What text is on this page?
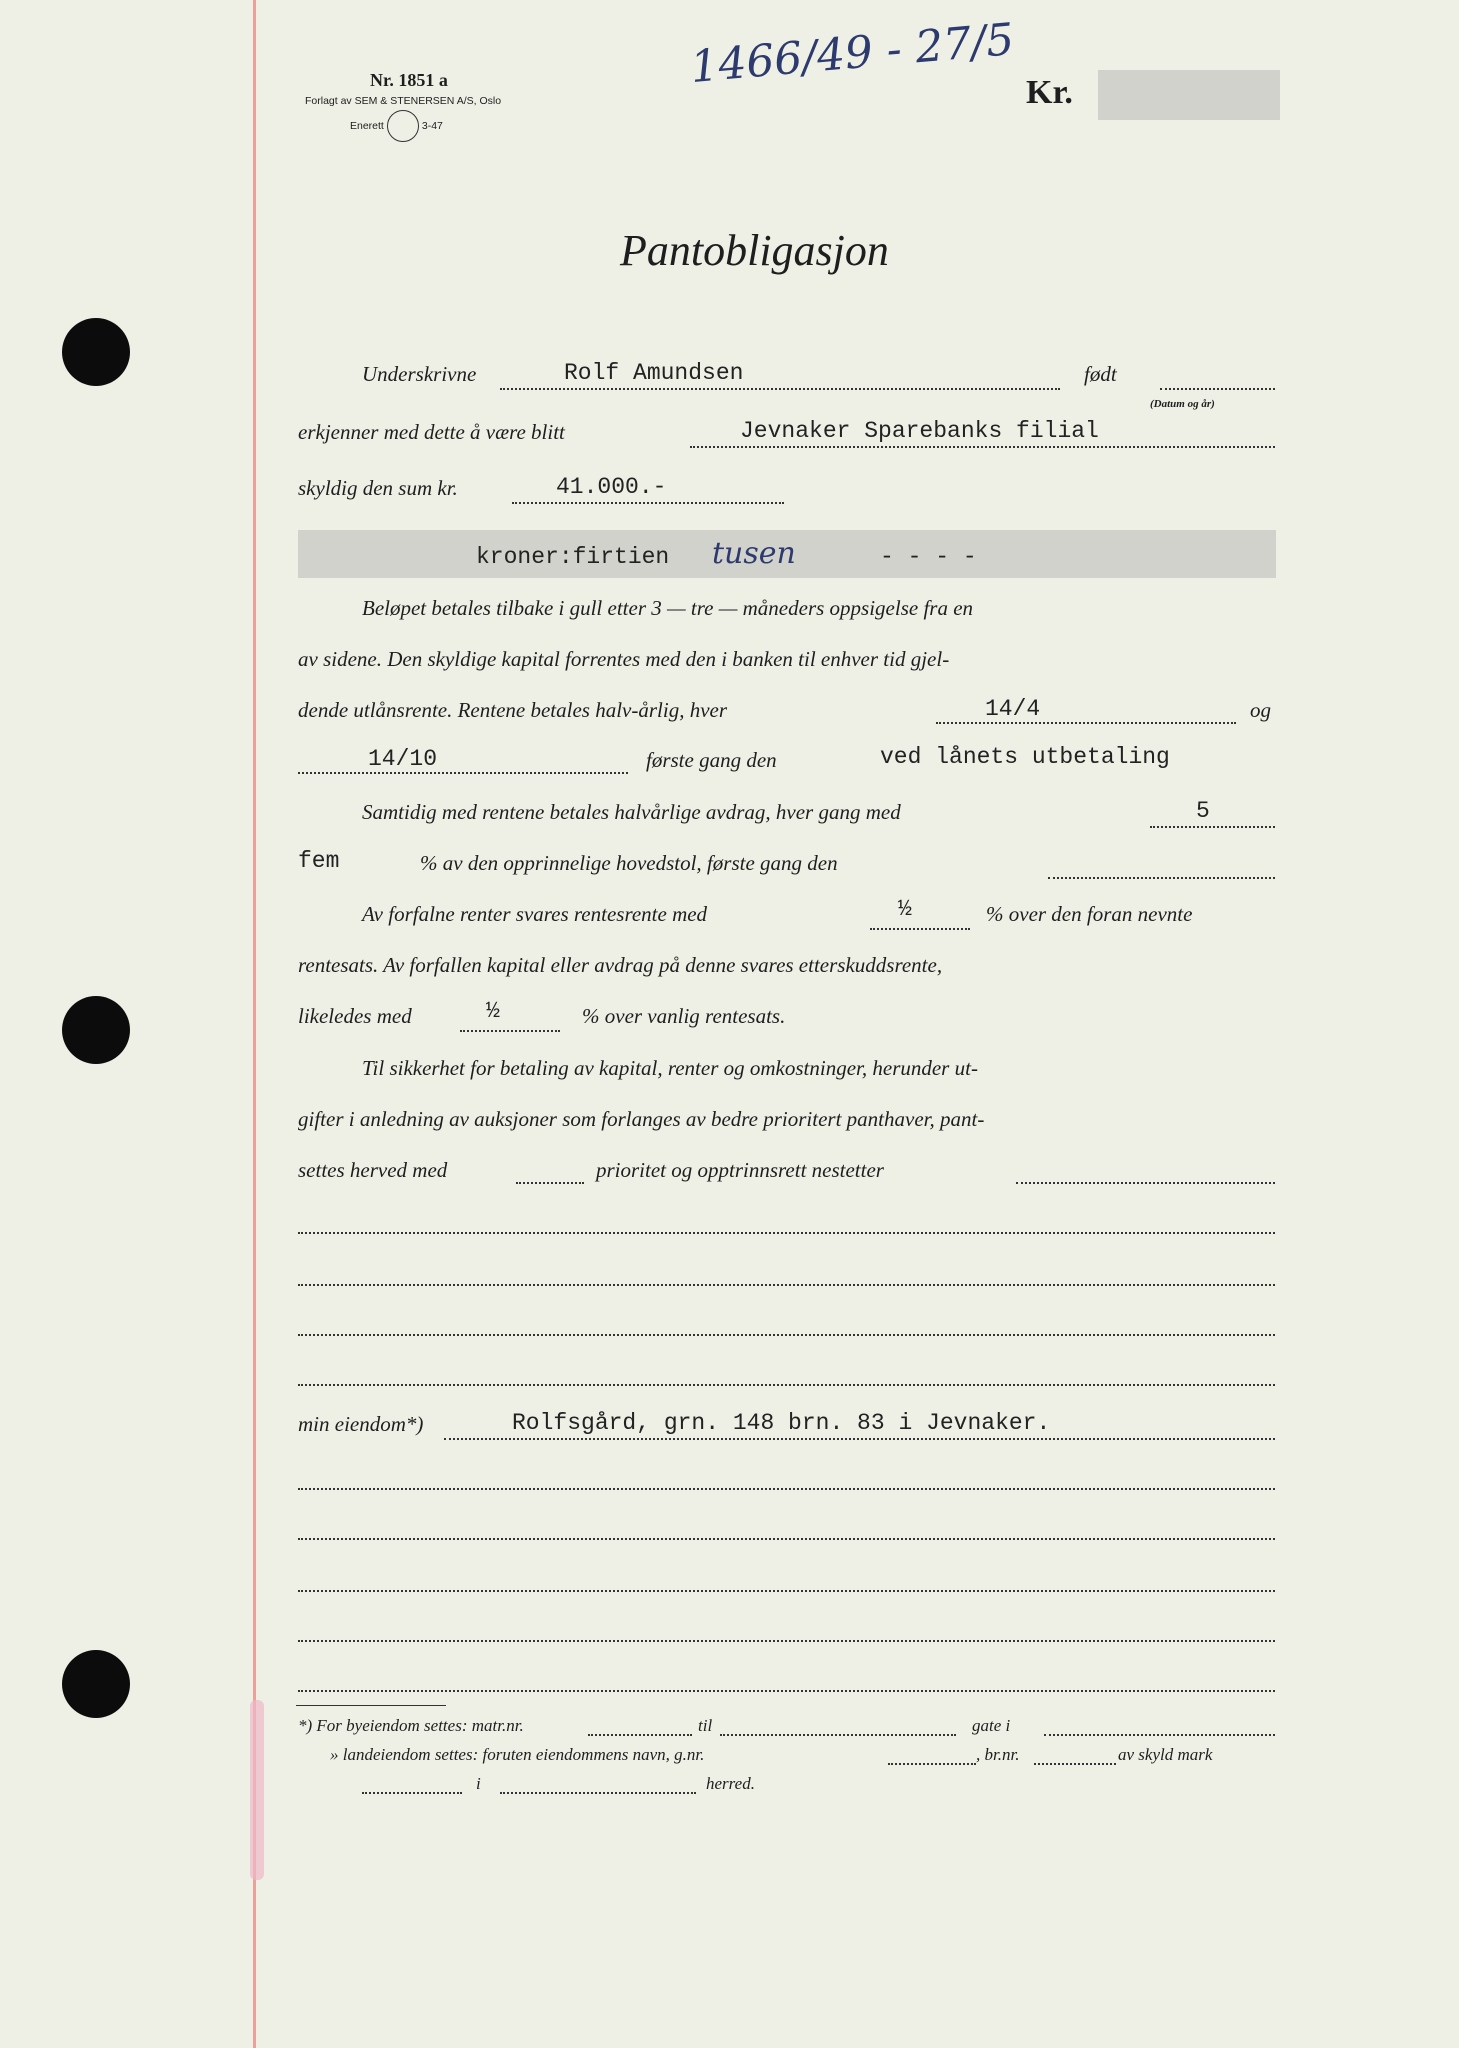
Nr. 1851 a
Forlagt av SEM & STENERSEN A/S, Oslo
Enerett	3-47
1466/49 - 27/5 Kr.
Pantobligasjon
Underskrivne	Rolf Amundsen	født
(Datum og år)
erkjenner med dette å være blitt	Jevnaker Sparebanks filial
skyldig den sum kr.	41.000.-
kroner:firtien tusen	- - - -
Beløpet betales tilbake i gull etter 3 — tre — måneders oppsigelse fra en
av sidene. Den skyldige kapital forrentes med den i banken til enhver tid gjel-
dende utlånsrente. Rentene betales halv-årlig, hver	14/4	og
14/10	første gang den	ved lånets utbetaling
Samtidig med rentene betales halvårlige avdrag, hver gang med	5
fem	% av den opprinnelige hovedstol, første gang den
Av forfalne renter svares rentesrente med	½	% over den foran nevnte
rentesats. Av forfallen kapital eller avdrag på denne svares etterskuddsrente,
likeledes med	½	% over vanlig rentesats.
Til sikkerhet for betaling av kapital, renter og omkostninger, herunder ut-
gifter i anledning av auksjoner som forlanges av bedre prioritert panthaver, pant-
settes herved med	prioritet og opptrinnsrett nestetter
min eiendom*)	Rolfsgård, grn. 148 brn. 83 i Jevnaker.
*) For byeiendom settes: matr.nr.	til	gate i
» landeiendom settes: foruten eiendommens navn, g.nr.	, br.nr.	av skyld mark
i	herred.
